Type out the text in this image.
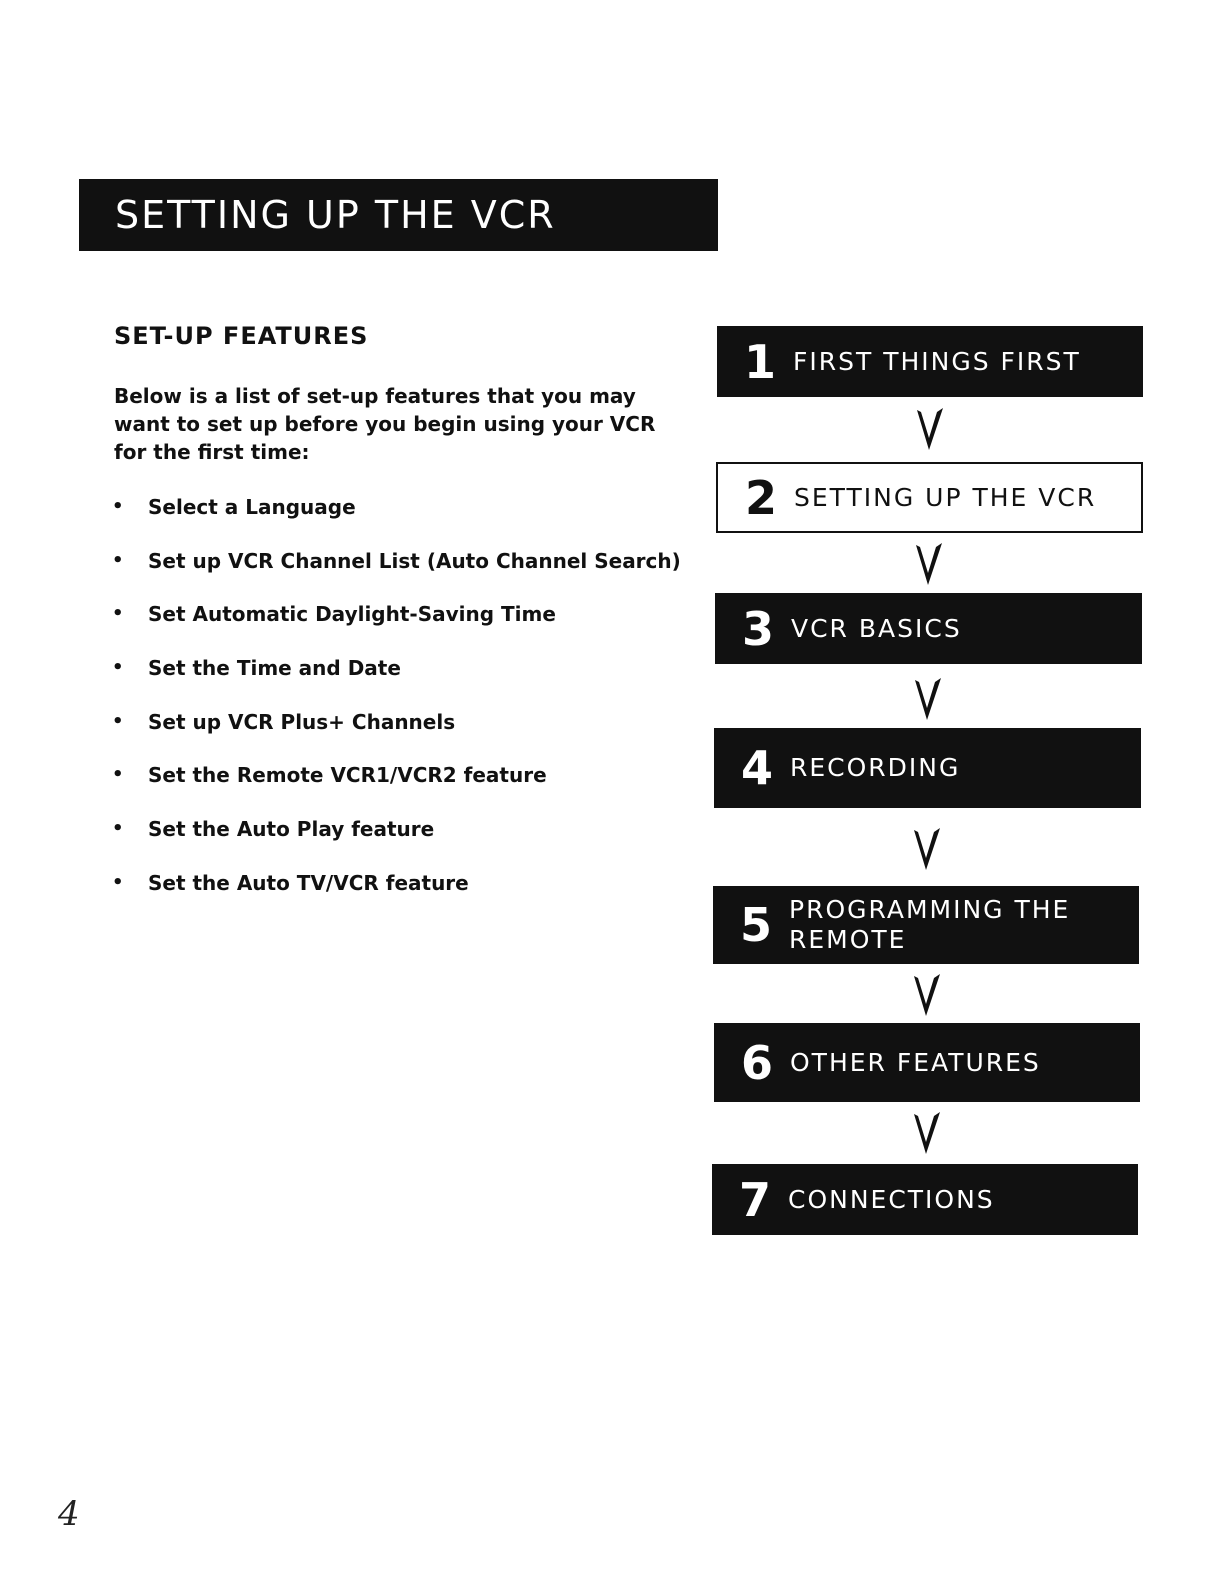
SETTING UP THE VCR
SET-UP FEATURES
Below is a list of set-up features that you may want to set up before you begin using your VCR for the first time:
•	Select a Language
•	Set up VCR Channel List (Auto Channel Search)
•	Set Automatic Daylight-Saving Time
•	Set the Time and Date
•	Set up VCR Plus+ Channels
•	Set the Remote VCR1/VCR2 feature
•	Set the Auto Play feature
•	Set the Auto TV/VCR feature
1 FIRST THINGS FIRST
2 SETTING UP THE VCR
3 VCR BASICS
4 RECORDING
5 PROGRAMMING THE REMOTE
6 OTHER FEATURES
7 CONNECTIONS
4
